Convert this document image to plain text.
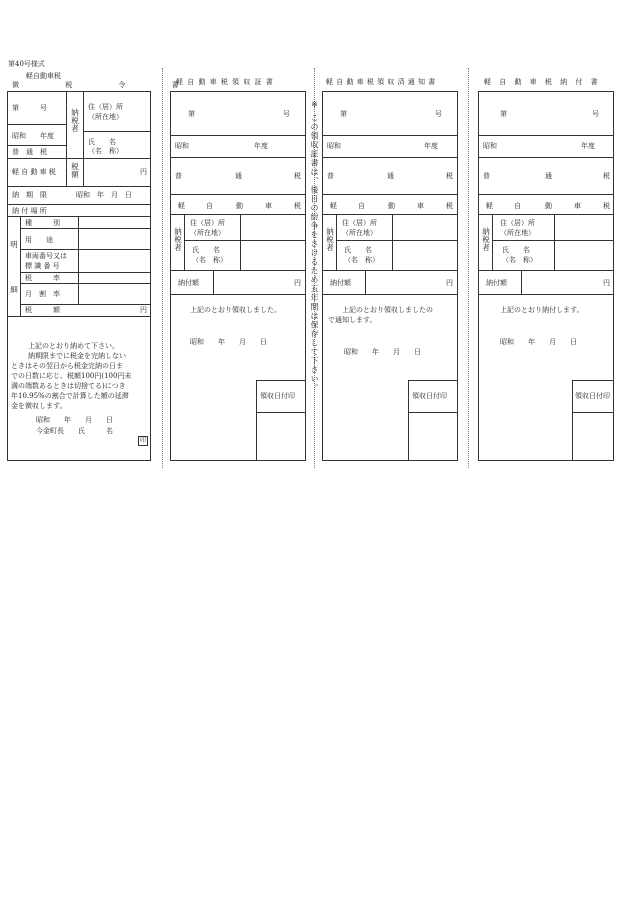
第40号様式
軽自動車税
徴 税 令 書
第　　　号
昭和　　年度
普　通　税
納
税
者
住（居）所
（所在地）
氏　　名
（名　称）
軽 自 動 車 税
税
額	円
納　期　限	昭和　年　月　日
納 付 場 所
明

細
種　　　別
用　　途
車両番号又は
標 識 番 号
税　　　率
月　割　率
税　　　額	円
上記のとおり納めて下さい。
納期限までに税金を完納しない
ときはその翌日から税金完納の日ま
での日数に応じ、税額100円(100円未
満の端数あるときは切捨てる)につき
年10.95%の割合で計算した額の延滞
金を徴収します。
昭和　　年　　月　　日
今金町長　　氏　　　名
印
軽 自 動 車 税 領 収 証 書
第	号
昭和	年度
普	通	税
軽	自	動	車	税
納
税
者
住（居）所
（所在地）
氏　　名
（名　称）
納付額	円
上記のとおり領収しました。
昭和　　年　　月　　日
領収日付印
※ この領収証書は、後日の紛争をさけるため五年間は保存して下さい。
軽 自 動 車 税 領 収 済 通 知 書
第	号
昭和	年度
普	通	税
軽	自	動	車	税
納
税
者
住（居）所
（所在地）
氏　　名
（名　称）
納付額	円
上記のとおり領収しましたの
で通知します。
昭和　　年　　月　　日
領収日付印
軽 自 動 車 税 納 付 書
第	号
昭和	年度
普	通	税
軽	自	動	車	税
納
税
者
住（居）所
（所在地）
氏　　名
（名　称）
納付額	円
上記のとおり納付します。
昭和　　年　　月　　日
領収日付印
